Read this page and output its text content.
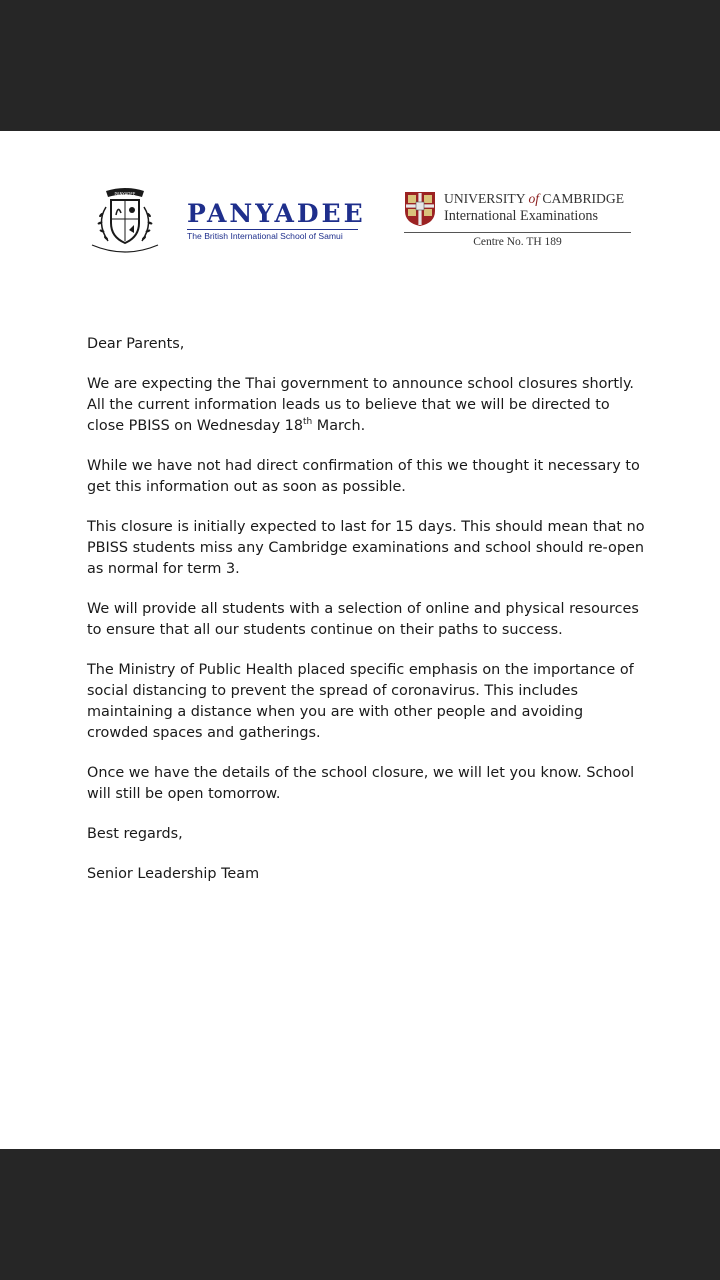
PANYADEE
PANYADEE
The British International School of Samui
UNIVERSITY of CAMBRIDGE
International Examinations
Centre No. TH 189

Dear Parents,

We are expecting the Thai government to announce school closures shortly. All the current information leads us to believe that we will be directed to close PBISS on Wednesday 18th March.

While we have not had direct confirmation of this we thought it necessary to get this information out as soon as possible.

This closure is initially expected to last for 15 days. This should mean that no PBISS students miss any Cambridge examinations and school should re-open as normal for term 3.

We will provide all students with a selection of online and physical resources to ensure that all our students continue on their paths to success.

The Ministry of Public Health placed specific emphasis on the importance of social distancing to prevent the spread of coronavirus. This includes maintaining a distance when you are with other people and avoiding crowded spaces and gatherings.

Once we have the details of the school closure, we will let you know. School will still be open tomorrow.

Best regards,

Senior Leadership Team
